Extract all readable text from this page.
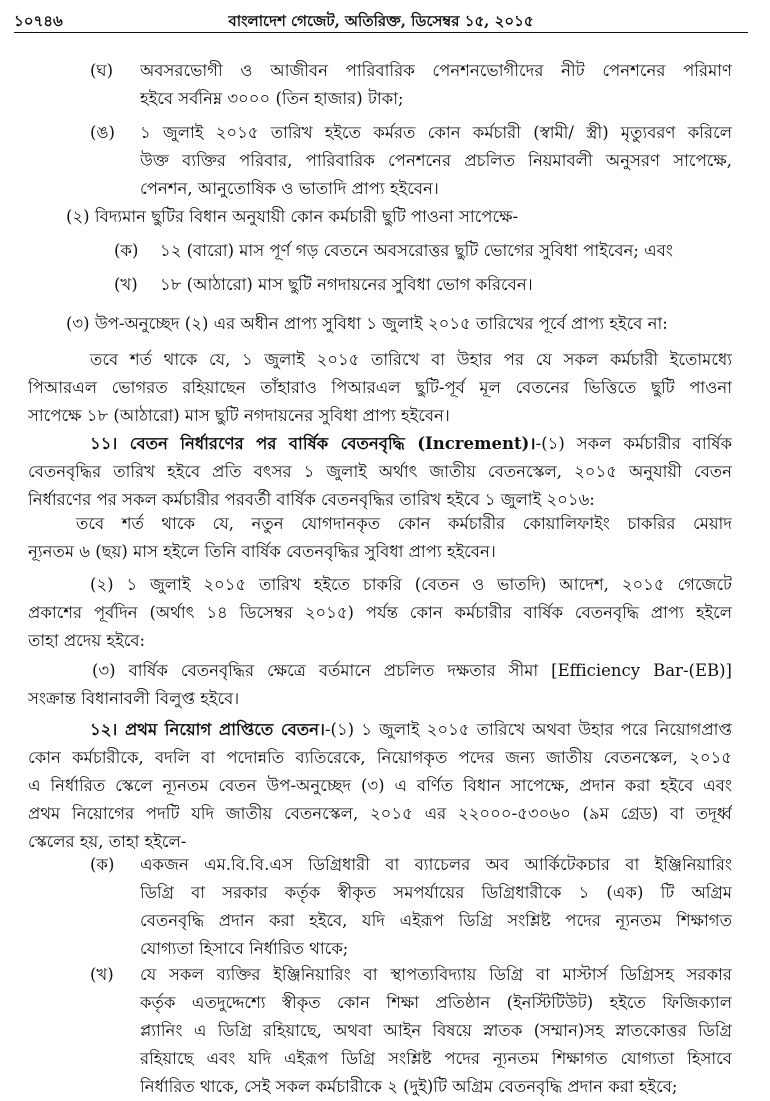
১০৭৪৬	বাংলাদেশ গেজেট, অতিরিক্ত, ডিসেম্বর ১৫, ২০১৫
(ঘ) অবসরভোগী ও আজীবন পারিবারিক পেনশনভোগীদের নীট পেনশনের পরিমাণ
হইবে সর্বনিম্ন ৩০০০ (তিন হাজার) টাকা;
(ঙ) ১ জুলাই ২০১৫ তারিখ হইতে কর্মরত কোন কর্মচারী (স্বামী/ স্ত্রী) মৃত্যুবরণ করিলে
উক্ত ব্যক্তির পরিবার, পারিবারিক পেনশনের প্রচলিত নিয়মাবলী অনুসরণ সাপেক্ষে,
পেনশন, আনুতোষিক ও ভাতাদি প্রাপ্য হইবেন।
(২) বিদ্যমান ছুটির বিধান অনুযায়ী কোন কর্মচারী ছুটি পাওনা সাপেক্ষে-
(ক) ১২ (বারো) মাস পূর্ণ গড় বেতনে অবসরোত্তর ছুটি ভোগের সুবিধা পাইবেন; এবং
(খ) ১৮ (আঠারো) মাস ছুটি নগদায়নের সুবিধা ভোগ করিবেন।
(৩) উপ-অনুচ্ছেদ (২) এর অধীন প্রাপ্য সুবিধা ১ জুলাই ২০১৫ তারিখের পূর্বে প্রাপ্য হইবে না:
তবে শর্ত থাকে যে, ১ জুলাই ২০১৫ তারিখে বা উহার পর যে সকল কর্মচারী ইতোমধ্যে
পিআরএল ভোগরত রহিয়াছেন তাঁহারাও পিআরএল ছুটি-পূর্ব মূল বেতনের ভিত্তিতে ছুটি পাওনা
সাপেক্ষে ১৮ (আঠারো) মাস ছুটি নগদায়নের সুবিধা প্রাপ্য হইবেন।
১১। বেতন নির্ধারণের পর বার্ষিক বেতনবৃদ্ধি (Increment)।-(১) সকল কর্মচারীর বার্ষিক
বেতনবৃদ্ধির তারিখ হইবে প্রতি বৎসর ১ জুলাই অর্থাৎ জাতীয় বেতনস্কেল, ২০১৫ অনুযায়ী বেতন
নির্ধারণের পর সকল কর্মচারীর পরবর্তী বার্ষিক বেতনবৃদ্ধির তারিখ হইবে ১ জুলাই ২০১৬:
তবে শর্ত থাকে যে, নতুন যোগদানকৃত কোন কর্মচারীর কোয়ালিফাইং চাকরির মেয়াদ
ন্যূনতম ৬ (ছয়) মাস হইলে তিনি বার্ষিক বেতনবৃদ্ধির সুবিধা প্রাপ্য হইবেন।
(২) ১ জুলাই ২০১৫ তারিখ হইতে চাকরি (বেতন ও ভাতদি) আদেশ, ২০১৫ গেজেটে
প্রকাশের পূর্বদিন (অর্থাৎ ১৪ ডিসেম্বর ২০১৫) পর্যন্ত কোন কর্মচারীর বার্ষিক বেতনবৃদ্ধি প্রাপ্য হইলে
তাহা প্রদেয় হইবে:
(৩) বার্ষিক বেতনবৃদ্ধির ক্ষেত্রে বর্তমানে প্রচলিত দক্ষতার সীমা [Efficiency Bar-(EB)]
সংক্রান্ত বিধানাবলী বিলুপ্ত হইবে।
১২। প্রথম নিয়োগ প্রাপ্তিতে বেতন।-(১) ১ জুলাই ২০১৫ তারিখে অথবা উহার পরে নিয়োগপ্রাপ্ত
কোন কর্মচারীকে, বদলি বা পদোন্নতি ব্যতিরেকে, নিয়োগকৃত পদের জন্য জাতীয় বেতনস্কেল, ২০১৫
এ নির্ধারিত স্কেলে ন্যূনতম বেতন উপ-অনুচ্ছেদ (৩) এ বর্ণিত বিধান সাপেক্ষে, প্রদান করা হইবে এবং
প্রথম নিয়োগের পদটি যদি জাতীয় বেতনস্কেল, ২০১৫ এর ২২০০০-৫৩০৬০ (৯ম গ্রেড) বা তদূর্ধ্ব
স্কেলের হয়, তাহা হইলে-
(ক) একজন এম.বি.বি.এস ডিগ্রিধারী বা ব্যাচেলর অব আর্কিটেকচার বা ইঞ্জিনিয়ারিং
ডিগ্রি বা সরকার কর্তৃক স্বীকৃত সমপর্যায়ের ডিগ্রিধারীকে ১ (এক) টি অগ্রিম
বেতনবৃদ্ধি প্রদান করা হইবে, যদি এইরূপ ডিগ্রি সংশ্লিষ্ট পদের ন্যূনতম শিক্ষাগত
যোগ্যতা হিসাবে নির্ধারিত থাকে;
(খ) যে সকল ব্যক্তির ইঞ্জিনিয়ারিং বা স্থাপত্যবিদ্যায় ডিগ্রি বা মাস্টার্স ডিগ্রিসহ সরকার
কর্তৃক এতদুদ্দেশ্যে স্বীকৃত কোন শিক্ষা প্রতিষ্ঠান (ইনস্টিটিউট) হইতে ফিজিক্যাল
প্ল্যানিং এ ডিগ্রি রহিয়াছে, অথবা আইন বিষয়ে স্নাতক (সম্মান)সহ স্নাতকোত্তর ডিগ্রি
রহিয়াছে এবং যদি এইরূপ ডিগ্রি সংশ্লিষ্ট পদের ন্যূনতম শিক্ষাগত যোগ্যতা হিসাবে
নির্ধারিত থাকে, সেই সকল কর্মচারীকে ২ (দুই)টি অগ্রিম বেতনবৃদ্ধি প্রদান করা হইবে;
